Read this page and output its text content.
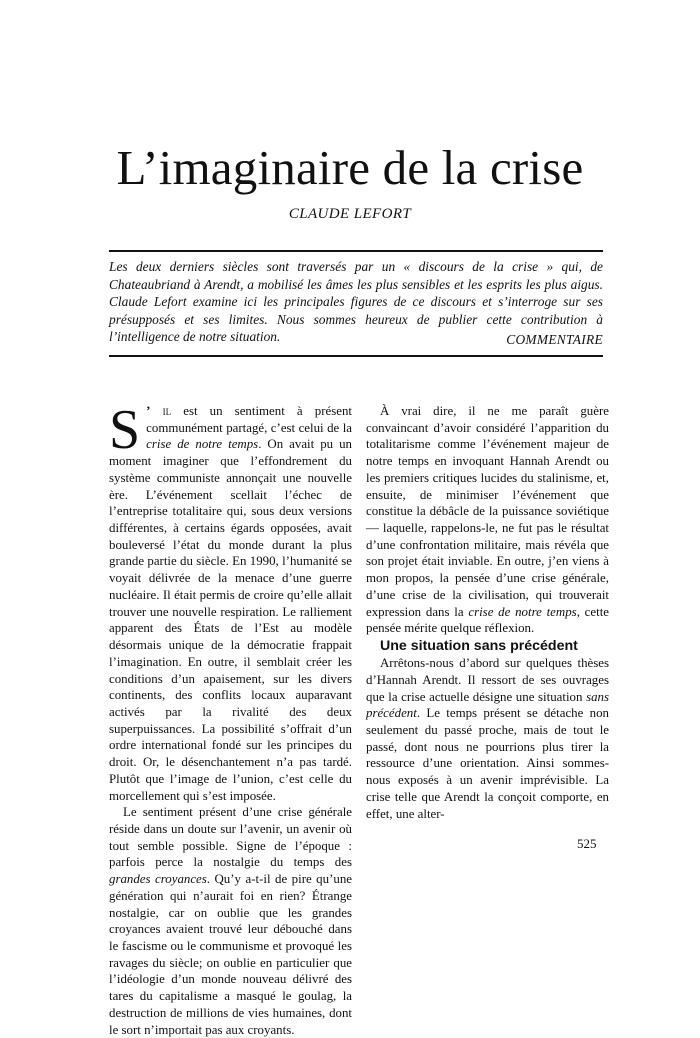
L’imaginaire de la crise
CLAUDE LEFORT

Les deux derniers siècles sont traversés par un « discours de la crise » qui, de Chateaubriand à Arendt, a mobilisé les âmes les plus sensibles et les esprits les plus aigus. Claude Lefort examine ici les principales figures de ce discours et s’interroge sur ses présupposés et ses limites. Nous sommes heureux de publier cette contribution à l’intelligence de notre situation.	COMMENTAIRE
S ’ il est un sentiment à présent communément partagé, c’est celui de la crise de notre temps. On avait pu un moment imaginer que l’effondrement du système communiste annonçait une nouvelle ère. L’événement scellait l’échec de l’entreprise totalitaire qui, sous deux versions différentes, à certains égards opposées, avait bouleversé l’état du monde durant la plus grande partie du siècle. En 1990, l’humanité se voyait délivrée de la menace d’une guerre nucléaire. Il était permis de croire qu’elle allait trouver une nouvelle respiration. Le ralliement apparent des États de l’Est au modèle désormais unique de la démocratie frappait l’imagination. En outre, il semblait créer les conditions d’un apaisement, sur les divers continents, des conflits locaux auparavant activés par la rivalité des deux superpuissances. La possibilité s’offrait d’un ordre international fondé sur les principes du droit. Or, le désenchantement n’a pas tardé. Plutôt que l’image de l’union, c’est celle du morcellement qui s’est imposée.

Le sentiment présent d’une crise générale réside dans un doute sur l’avenir, un avenir où tout semble possible. Signe de l’époque : parfois perce la nostalgie du temps des grandes croyances. Qu’y a-t-il de pire qu’une génération qui n’aurait foi en rien? Étrange nostalgie, car on oublie que les grandes croyances avaient trouvé leur débouché dans le fascisme ou le communisme et provoqué les ravages du siècle; on oublie en particulier que l’idéologie d’un monde nouveau délivré des tares du capitalisme a masqué le goulag, la destruction de millions de vies humaines, dont le sort n’importait pas aux croyants.

À vrai dire, il ne me paraît guère convaincant d’avoir considéré l’apparition du totalitarisme comme l’événement majeur de notre temps en invoquant Hannah Arendt ou les premiers critiques lucides du stalinisme, et, ensuite, de minimiser l’événement que constitue la débâcle de la puissance soviétique — laquelle, rappelons-le, ne fut pas le résultat d’une confrontation militaire, mais révéla que son projet était inviable. En outre, j’en viens à mon propos, la pensée d’une crise générale, d’une crise de la civilisation, qui trouverait expression dans la crise de notre temps, cette pensée mérite quelque réflexion.

Une situation sans précédent

Arrêtons-nous d’abord sur quelques thèses d’Hannah Arendt. Il ressort de ses ouvrages que la crise actuelle désigne une situation sans précédent. Le temps présent se détache non seulement du passé proche, mais de tout le passé, dont nous ne pourrions plus tirer la ressource d’une orientation. Ainsi sommes-nous exposés à un avenir imprévisible. La crise telle que Arendt la conçoit comporte, en effet, une alter-

525
